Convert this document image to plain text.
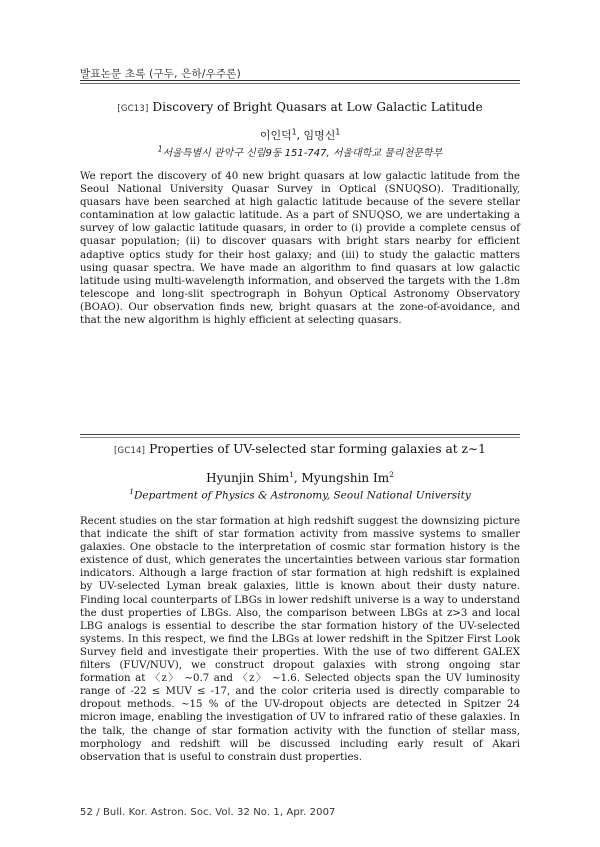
발표논문 초록 (구두, 은하/우주론)
[GC13] Discovery of Bright Quasars at Low Galactic Latitude
이인덕$^1$, 임명신$^1$
$^1$서울특별시 관악구 신림9동 151-747, 서울대학교 물리천문학부
We report the discovery of 40 new bright quasars at low galactic latitude from the Seoul National University Quasar Survey in Optical (SNUQSO). Traditionally, quasars have been searched at high galactic latitude because of the severe stellar contamination at low galactic latitude. As a part of SNUQSO, we are undertaking a survey of low galactic latitude quasars, in order to (i) provide a complete census of quasar population; (ii) to discover quasars with bright stars nearby for efficient adaptive optics study for their host galaxy; and (iii) to study the galactic matters using quasar spectra. We have made an algorithm to find quasars at low galactic latitude using multi-wavelength information, and observed the targets with the 1.8m telescope and long-slit spectrograph in Bohyun Optical Astronomy Observatory (BOAO). Our observation finds new, bright quasars at the zone-of-avoidance, and that the new algorithm is highly efficient at selecting quasars.
[GC14] Properties of UV-selected star forming galaxies at z∼1
Hyunjin Shim$^1$, Myungshin Im$^2$
$^1$Department of Physics & Astronomy, Seoul National University
Recent studies on the star formation at high redshift suggest the downsizing picture that indicate the shift of star formation activity from massive systems to smaller galaxies. One obstacle to the interpretation of cosmic star formation history is the existence of dust, which generates the uncertainties between various star formation indicators. Although a large fraction of star formation at high redshift is explained by UV-selected Lyman break galaxies, little is known about their dusty nature. Finding local counterparts of LBGs in lower redshift universe is a way to understand the dust properties of LBGs. Also, the comparison between LBGs at z>3 and local LBG analogs is essential to describe the star formation history of the UV-selected systems. In this respect, we find the LBGs at lower redshift in the Spitzer First Look Survey field and investigate their properties. With the use of two different GALEX filters (FUV/NUV), we construct dropout galaxies with strong ongoing star formation at 〈z〉 ∼0.7 and 〈z〉 ∼1.6. Selected objects span the UV luminosity range of -22 ≤ MUV ≤ -17, and the color criteria used is directly comparable to dropout methods. ∼15 % of the UV-dropout objects are detected in Spitzer 24 micron image, enabling the investigation of UV to infrared ratio of these galaxies. In the talk, the change of star formation activity with the function of stellar mass, morphology and redshift will be discussed including early result of Akari observation that is useful to constrain dust properties.
52 / Bull. Kor. Astron. Soc. Vol. 32 No. 1, Apr. 2007
